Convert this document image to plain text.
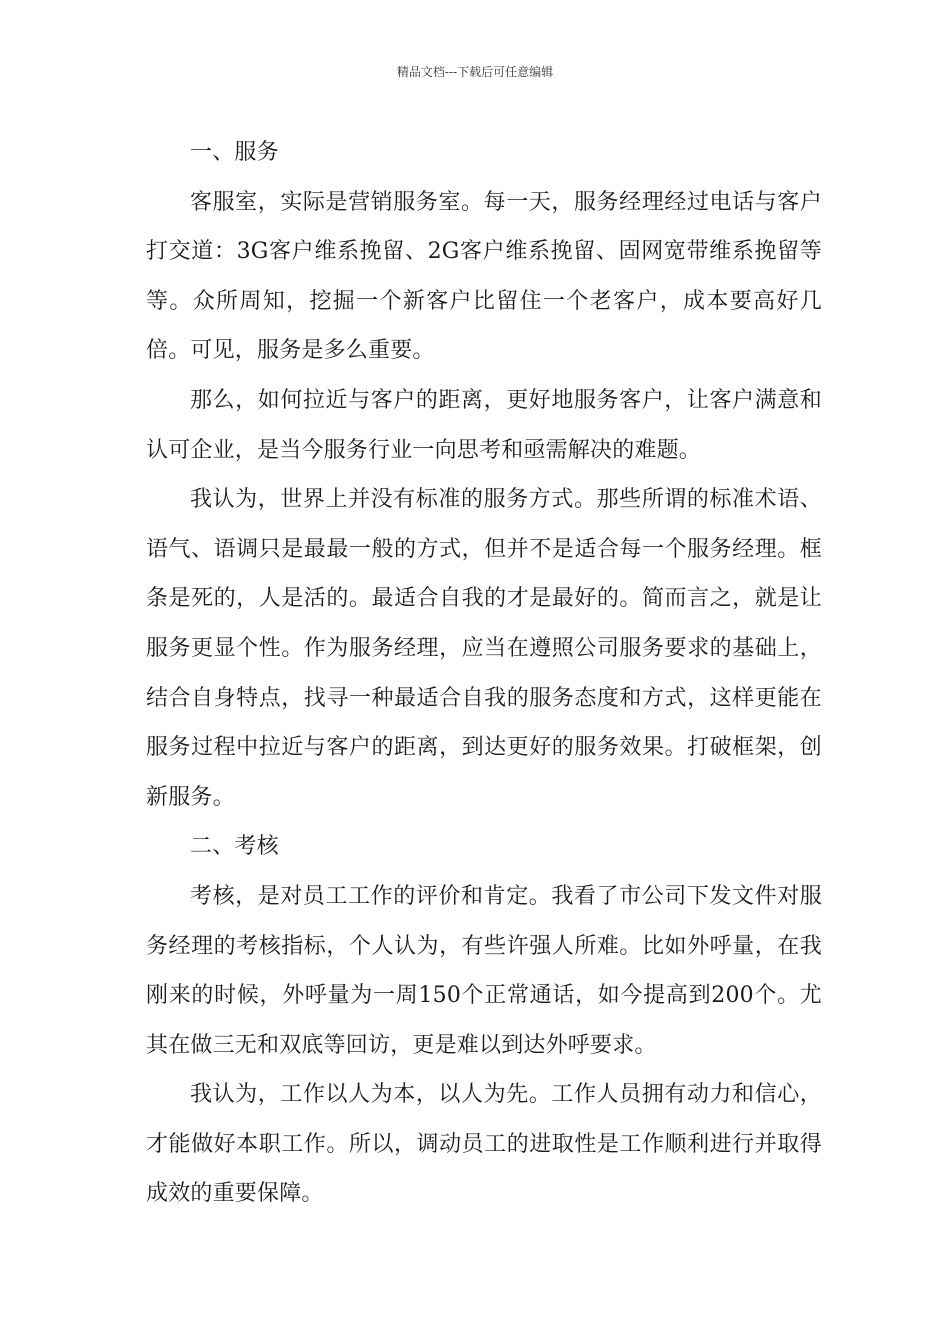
精品文档---下载后可任意编辑

一、服务

客服室，实际是营销服务室。每一天，服务经理经过电话与客户打交道：3G客户维系挽留、2G客户维系挽留、固网宽带维系挽留等等。众所周知，挖掘一个新客户比留住一个老客户，成本要高好几倍。可见，服务是多么重要。

那么，如何拉近与客户的距离，更好地服务客户，让客户满意和认可企业，是当今服务行业一向思考和亟需解决的难题。

我认为，世界上并没有标准的服务方式。那些所谓的标准术语、语气、语调只是最最一般的方式，但并不是适合每一个服务经理。框条是死的，人是活的。最适合自我的才是最好的。简而言之，就是让服务更显个性。作为服务经理，应当在遵照公司服务要求的基础上，结合自身特点，找寻一种最适合自我的服务态度和方式，这样更能在服务过程中拉近与客户的距离，到达更好的服务效果。打破框架，创新服务。

二、考核

考核，是对员工工作的评价和肯定。我看了市公司下发文件对服务经理的考核指标，个人认为，有些许强人所难。比如外呼量，在我刚来的时候，外呼量为一周150个正常通话，如今提高到200个。尤其在做三无和双底等回访，更是难以到达外呼要求。

我认为，工作以人为本，以人为先。工作人员拥有动力和信心，才能做好本职工作。所以，调动员工的进取性是工作顺利进行并取得成效的重要保障。
